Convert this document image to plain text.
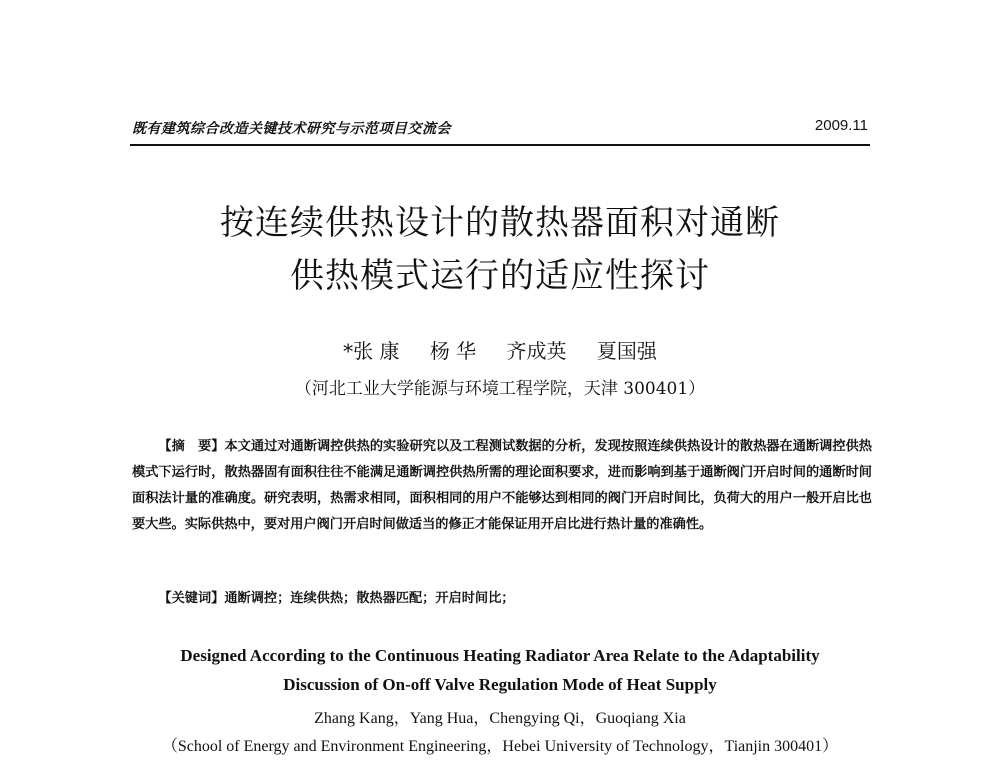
既有建筑综合改造关键技术研究与示范项目交流会	2009.11
按连续供热设计的散热器面积对通断
供热模式运行的适应性探讨
*张 康 杨 华 齐成英 夏国强
（河北工业大学能源与环境工程学院，天津 300401）
【摘　要】本文通过对通断调控供热的实验研究以及工程测试数据的分析，发现按照连续供热设计的散热器在通断调控供热模式下运行时，散热器固有面积往往不能满足通断调控供热所需的理论面积要求，进而影响到基于通断阀门开启时间的通断时间面积法计量的准确度。研究表明，热需求相同，面积相同的用户不能够达到相同的阀门开启时间比，负荷大的用户一般开启比也要大些。实际供热中，要对用户阀门开启时间做适当的修正才能保证用开启比进行热计量的准确性。
【关键词】通断调控；连续供热；散热器匹配；开启时间比；
Designed According to the Continuous Heating Radiator Area Relate to the Adaptability
Discussion of On-off Valve Regulation Mode of Heat Supply
Zhang Kang，Yang Hua，Chengying Qi，Guoqiang Xia
（School of Energy and Environment Engineering，Hebei University of Technology，Tianjin 300401）
